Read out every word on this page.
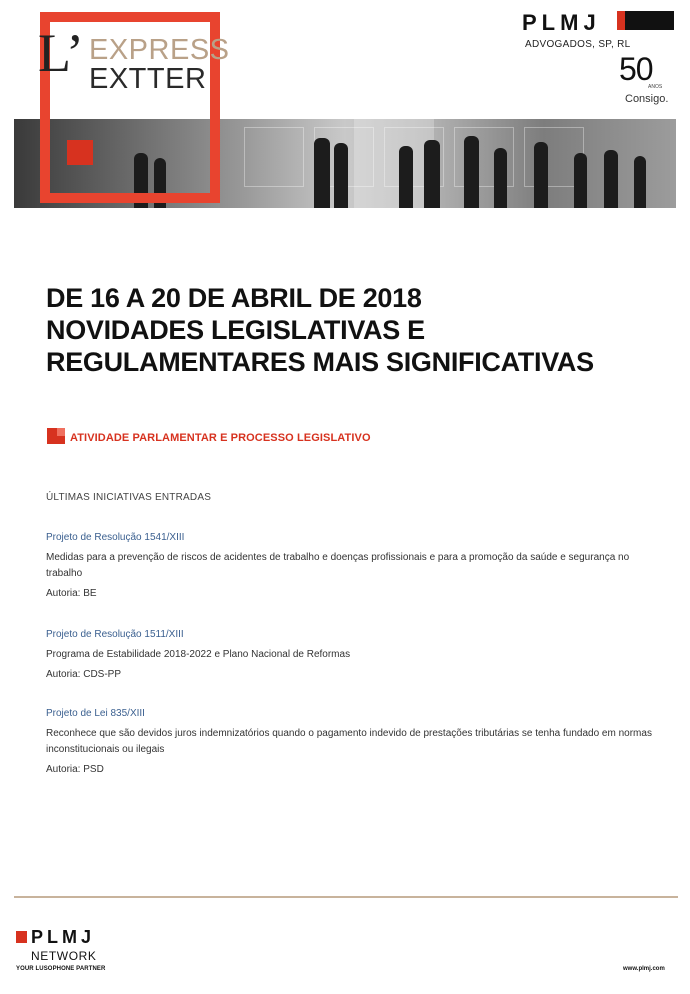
L’ EXPRESS
EXTTER
PLMJ
ADVOGADOS, SP, RL
50
ANOS
Consigo.
DE 16 A 20 DE ABRIL DE 2018
NOVIDADES LEGISLATIVAS E
REGULAMENTARES MAIS SIGNIFICATIVAS
ATIVIDADE PARLAMENTAR E PROCESSO LEGISLATIVO
ÚLTIMAS INICIATIVAS ENTRADAS
Projeto de Resolução 1541/XIII
Medidas para a prevenção de riscos de acidentes de trabalho e doenças profissionais e para a promoção da saúde e segurança no trabalho
Autoria: BE
Projeto de Resolução 1511/XIII
Programa de Estabilidade 2018-2022 e Plano Nacional de Reformas
Autoria: CDS-PP
Projeto de Lei 835/XIII
Reconhece que são devidos juros indemnizatórios quando o pagamento indevido de prestações tributárias se tenha fundado em normas inconstitucionais ou ilegais
Autoria: PSD
PLMJ
NETWORK
YOUR LUSOPHONE PARTNER	www.plmj.com
